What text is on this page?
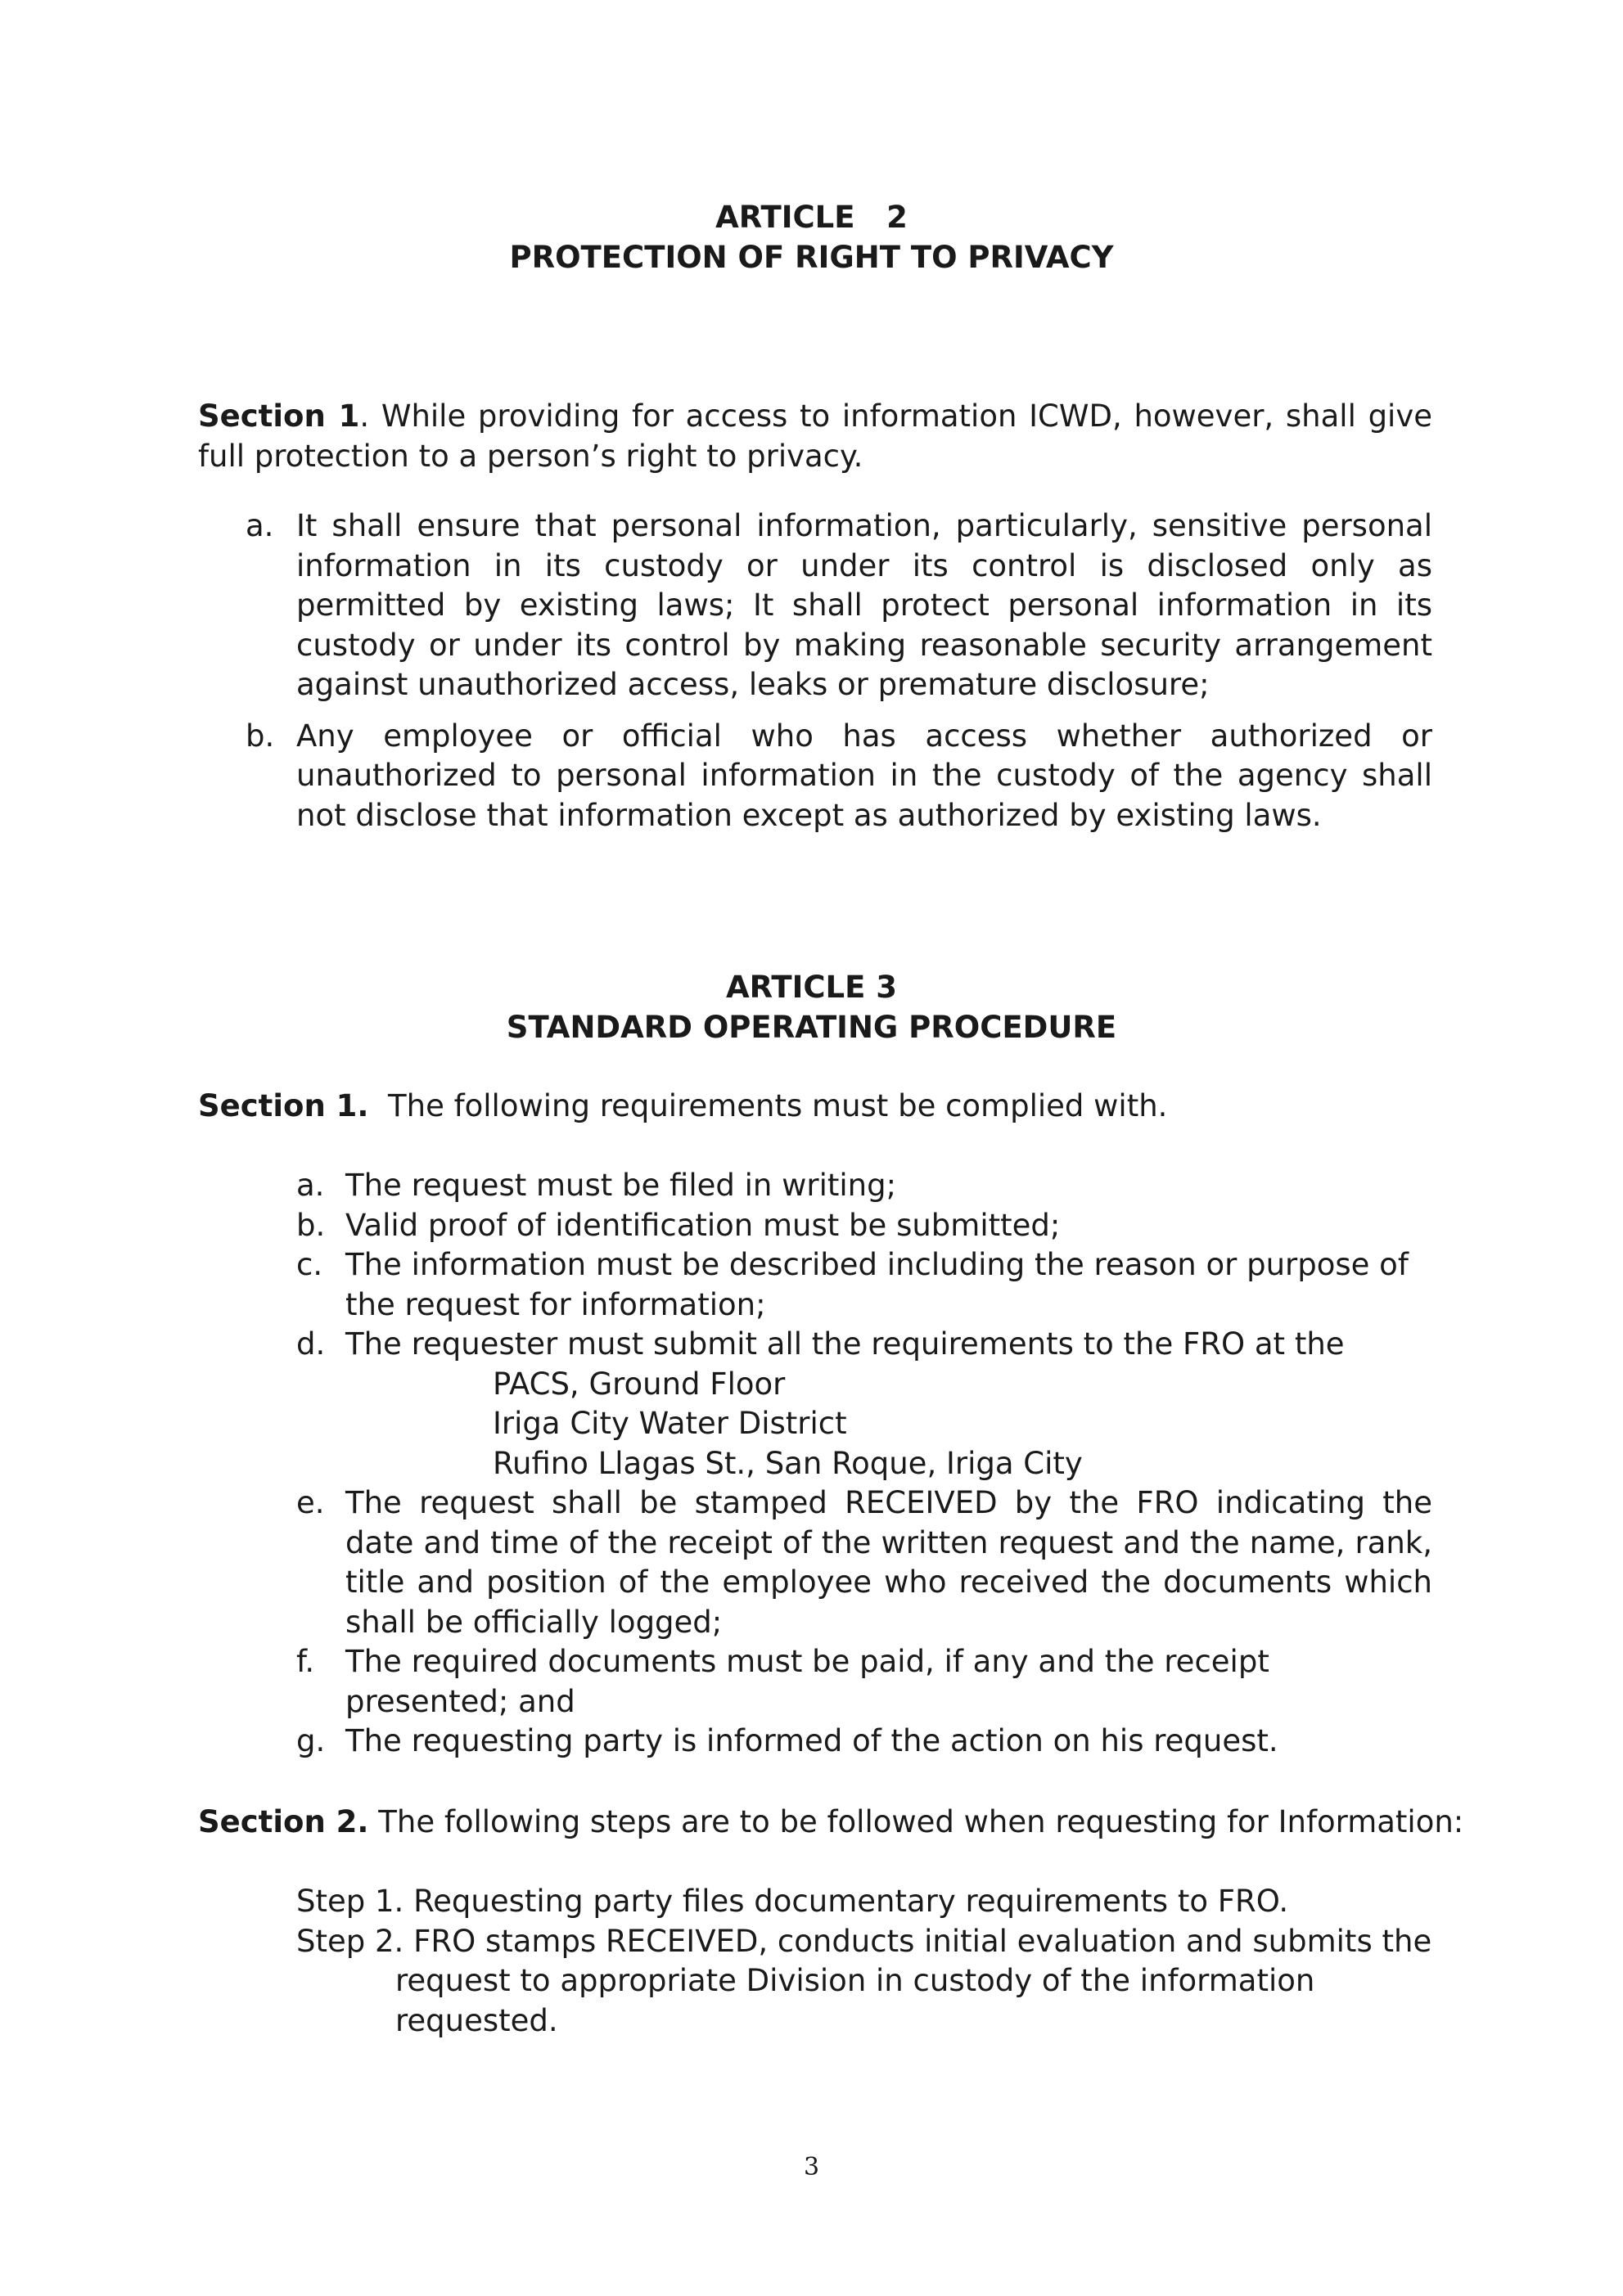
ARTICLE   2
PROTECTION OF RIGHT TO PRIVACY
Section 1. While providing for access to information ICWD, however, shall give full protection to a person’s right to privacy.
a. It shall ensure that personal information, particularly, sensitive personal information in its custody or under its control is disclosed only as permitted by existing laws; It shall protect personal information in its custody or under its control by making reasonable security arrangement against unauthorized access, leaks or premature disclosure;
b. Any employee or official who has access whether authorized or unauthorized to personal information in the custody of the agency shall not disclose that information except as authorized by existing laws.
ARTICLE 3
STANDARD OPERATING PROCEDURE
Section 1.  The following requirements must be complied with.
a. The request must be filed in writing;
b. Valid proof of identification must be submitted;
c. The information must be described including the reason or purpose of the request for information;
d. The requester must submit all the requirements to the FRO at the
PACS, Ground Floor
Iriga City Water District
Rufino Llagas St., San Roque, Iriga City
e. The request shall be stamped RECEIVED by the FRO indicating the date and time of the receipt of the written request and the name, rank, title and position of the employee who received the documents which shall be officially logged;
f. The required documents must be paid, if any and the receipt presented; and
g. The requesting party is informed of the action on his request.
Section 2. The following steps are to be followed when requesting for Information:
Step 1. Requesting party files documentary requirements to FRO.
Step 2. FRO stamps RECEIVED, conducts initial evaluation and submits the
request to appropriate Division in custody of the information
requested.
3
